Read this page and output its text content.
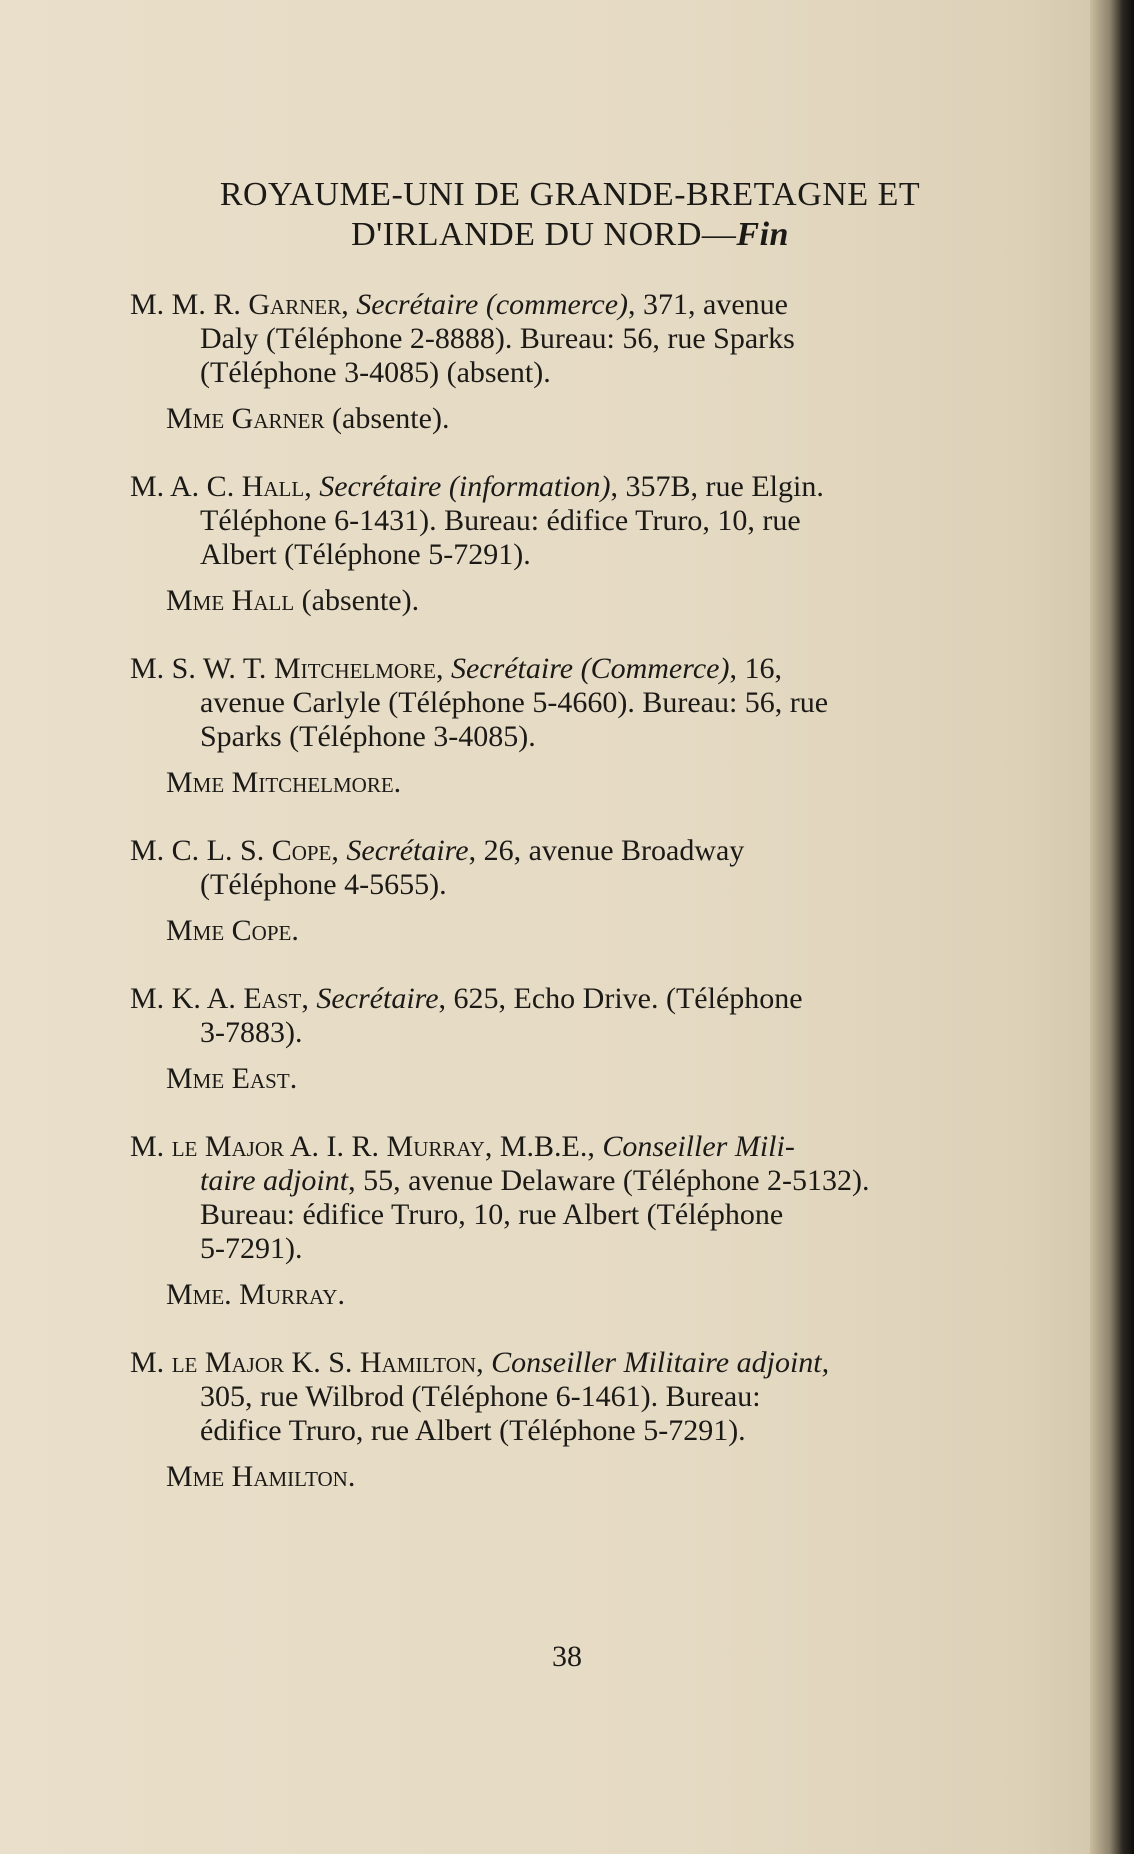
ROYAUME-UNI DE GRANDE-BRETAGNE ET
D'IRLANDE DU NORD—Fin
M. M. R. Garner, Secrétaire (commerce), 371, avenue
Daly (Téléphone 2-8888). Bureau: 56, rue Sparks
(Téléphone 3-4085) (absent).
Mme Garner (absente).
M. A. C. Hall, Secrétaire (information), 357B, rue Elgin.
Téléphone 6-1431). Bureau: édifice Truro, 10, rue
Albert (Téléphone 5-7291).
Mme Hall (absente).
M. S. W. T. Mitchelmore, Secrétaire (Commerce), 16,
avenue Carlyle (Téléphone 5-4660). Bureau: 56, rue
Sparks (Téléphone 3-4085).
Mme Mitchelmore.
M. C. L. S. Cope, Secrétaire, 26, avenue Broadway
(Téléphone 4-5655).
Mme Cope.
M. K. A. East, Secrétaire, 625, Echo Drive. (Téléphone
3-7883).
Mme East.
M. le Major A. I. R. Murray, M.B.E., Conseiller Mili-
taire adjoint, 55, avenue Delaware (Téléphone 2-5132).
Bureau: édifice Truro, 10, rue Albert (Téléphone
5-7291).
Mme. Murray.
M. le Major K. S. Hamilton, Conseiller Militaire adjoint,
305, rue Wilbrod (Téléphone 6-1461). Bureau:
édifice Truro, rue Albert (Téléphone 5-7291).
Mme Hamilton.
38
